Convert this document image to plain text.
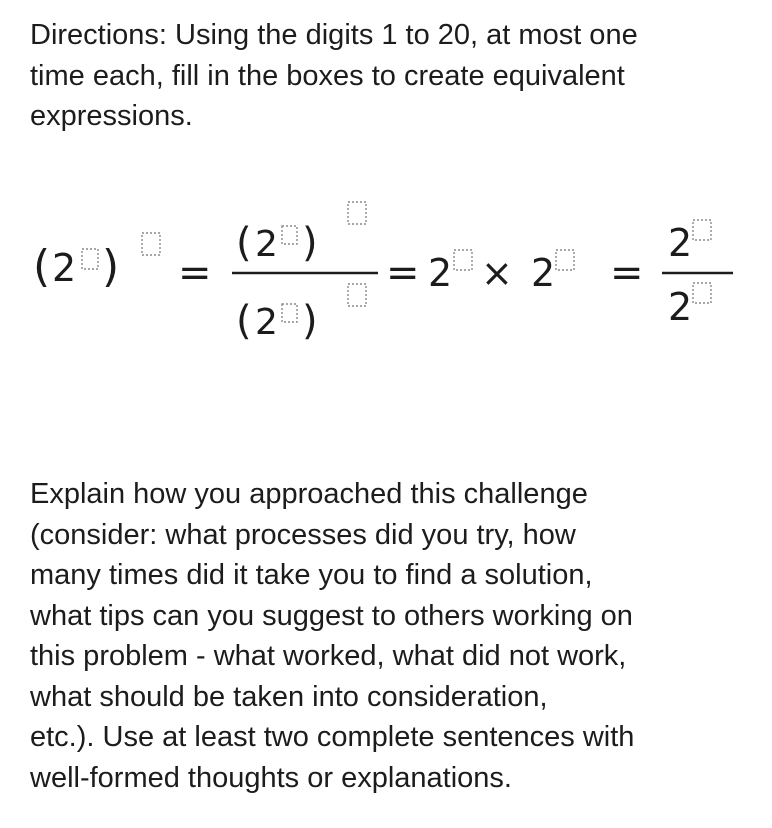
Directions: Using the digits 1 to 20, at most one
time each, fill in the boxes to create equivalent
expressions.
( 2 ) =
( 2 )
( 2 )
= 2 × 2 =
2
2
Explain how you approached this challenge
(consider: what processes did you try, how
many times did it take you to find a solution,
what tips can you suggest to others working on
this problem - what worked, what did not work,
what should be taken into consideration,
etc.). Use at least two complete sentences with
well-formed thoughts or explanations.
